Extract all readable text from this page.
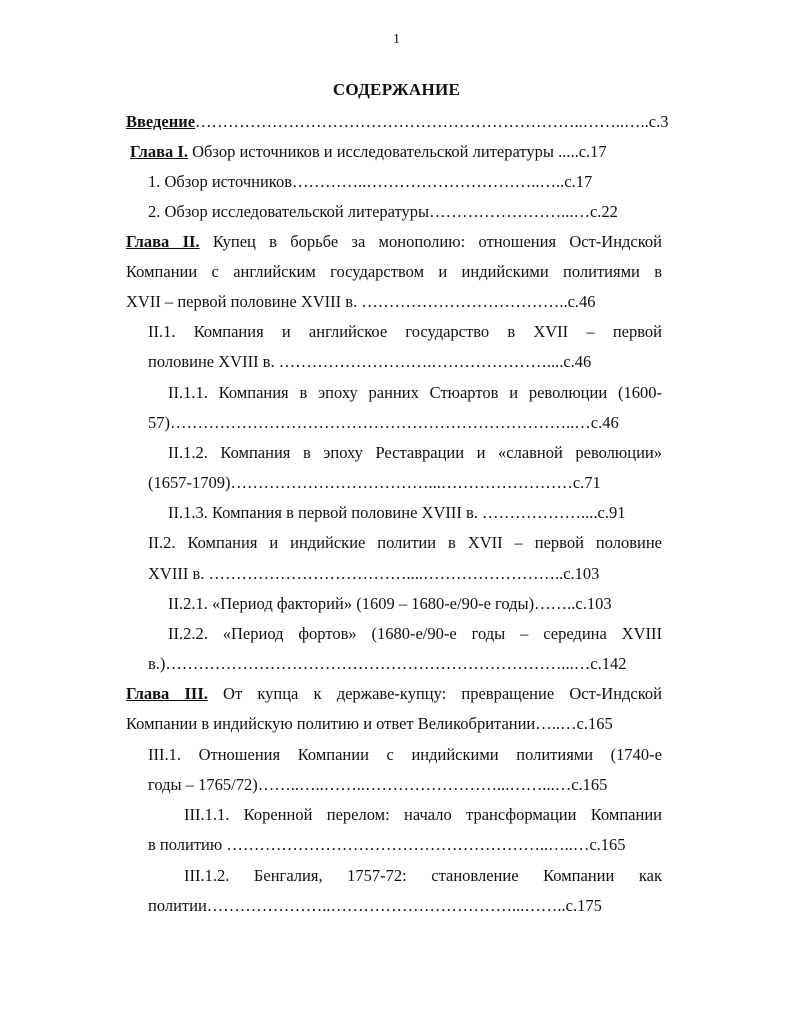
1
СОДЕРЖАНИЕ
Введение……………………………………………………………..……..…..с.3
Глава I. Обзор источников и исследовательской литературы .....с.17
1. Обзор источников…………..…………………………..…..с.17
2. Обзор исследовательской литературы……………………...…с.22
Глава II. Купец в борьбе за монополию: отношения Ост-Индской
Компании с английским государством и индийскими политиями в
XVII – первой половине XVIII в. ………………………………..с.46
II.1. Компания и английское государство в XVII – первой
половине XVIII в. ……………………….…………………....с.46
II.1.1. Компания в эпоху ранних Стюартов и революции (1600-
57)………………………………………………………………..…с.46
II.1.2. Компания в эпоху Реставрации и «славной революции»
(1657-1709)………………………………...……………………с.71
II.1.3. Компания в первой половине XVIII в. ………………....с.91
II.2. Компания и индийские политии в XVII – первой половине
XVIII в. ………………………………....……………………..с.103
II.2.1. «Период факторий» (1609 – 1680-е/90-е годы)……..с.103
II.2.2. «Период фортов» (1680-е/90-е годы – середина XVIII
в.)………………………………………………………………...…с.142
Глава III. От купца к державе-купцу: превращение Ост-Индской
Компании в индийскую политию и ответ Великобритании…..…с.165
III.1. Отношения Компании с индийскими политиями (1740-е
годы – 1765/72)……..…..……..……………………...……...…с.165
III.1.1. Коренной перелом: начало трансформации Компании
в политию …………………………………………………..…..…с.165
III.1.2. Бенгалия, 1757-72: становление Компании как
политии…………………..……………………………...……..с.175
